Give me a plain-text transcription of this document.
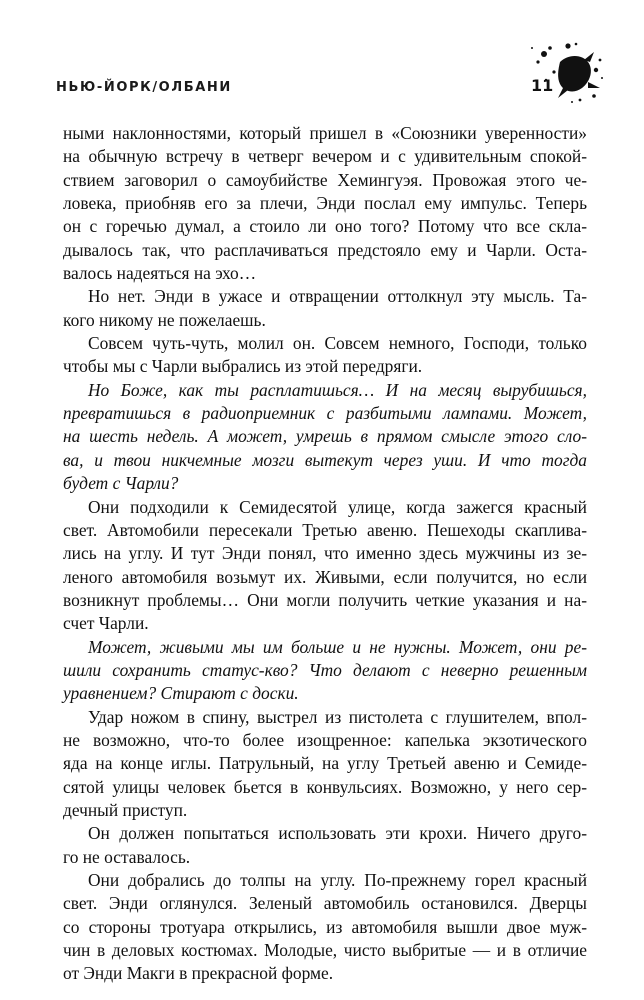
НЬЮ-ЙОРК/ОЛБАНИ	11
ными наклонностями, который пришел в «Союзники уверенности»
на обычную встречу в четверг вечером и с удивительным спокой-
ствием заговорил о самоубийстве Хемингуэя. Провожая этого че-
ловека, приобняв его за плечи, Энди послал ему импульс. Теперь
он с горечью думал, а стоило ли оно того? Потому что все скла-
дывалось так, что расплачиваться предстояло ему и Чарли. Оста-
валось надеяться на эхо…
Но нет. Энди в ужасе и отвращении оттолкнул эту мысль. Та-
кого никому не пожелаешь.
Совсем чуть-чуть, молил он. Совсем немного, Господи, только
чтобы мы с Чарли выбрались из этой передряги.
Но Боже, как ты расплатишься… И на месяц вырубишься,
превратишься в радиоприемник с разбитыми лампами. Может,
на шесть недель. А может, умрешь в прямом смысле этого сло-
ва, и твои никчемные мозги вытекут через уши. И что тогда
будет с Чарли?
Они подходили к Семидесятой улице, когда зажегся красный
свет. Автомобили пересекали Третью авеню. Пешеходы скаплива-
лись на углу. И тут Энди понял, что именно здесь мужчины из зе-
леного автомобиля возьмут их. Живыми, если получится, но если
возникнут проблемы… Они могли получить четкие указания и на-
счет Чарли.
Может, живыми мы им больше и не нужны. Может, они ре-
шили сохранить статус-кво? Что делают с неверно решенным
уравнением? Стирают с доски.
Удар ножом в спину, выстрел из пистолета с глушителем, впол-
не возможно, что-то более изощренное: капелька экзотического
яда на конце иглы. Патрульный, на углу Третьей авеню и Семиде-
сятой улицы человек бьется в конвульсиях. Возможно, у него сер-
дечный приступ.
Он должен попытаться использовать эти крохи. Ничего друго-
го не оставалось.
Они добрались до толпы на углу. По-прежнему горел красный
свет. Энди оглянулся. Зеленый автомобиль остановился. Дверцы
со стороны тротуара открылись, из автомобиля вышли двое муж-
чин в деловых костюмах. Молодые, чисто выбритые — и в отличие
от Энди Макги в прекрасной форме.
